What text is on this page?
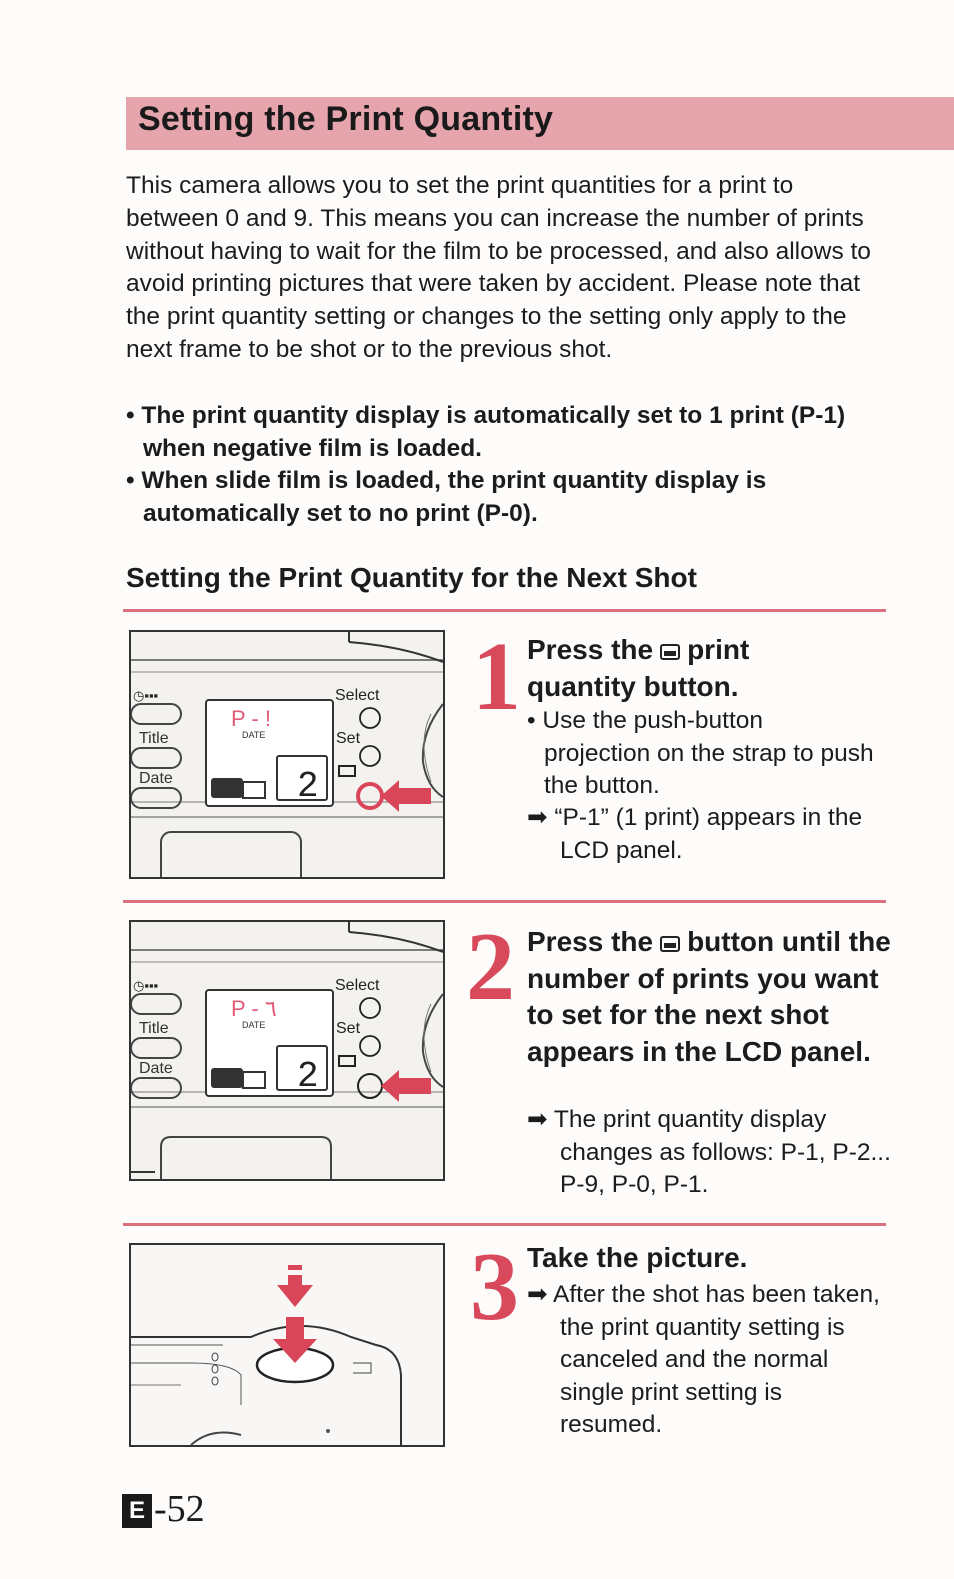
Setting the Print Quantity
This camera allows you to set the print quantities for a print to between 0 and 9. This means you can increase the number of prints without having to wait for the film to be processed, and also allows to avoid printing pictures that were taken by accident. Please note that the print quantity setting or changes to the setting only apply to the next frame to be shot or to the previous shot.
• The print quantity display is automatically set to 1 print (P-1) when negative film is loaded.
• When slide film is loaded, the print quantity display is automatically set to no print (P-0).
Setting the Print Quantity for the Next Shot
◷▪▪▪
Title
Date
P - !
DATE
2
Select
Set
1 Press the print
quantity button.
• Use the push-button projection on the strap to push the button.
➡ “P-1” (1 print) appears in the LCD panel.
◷▪▪▪
Title
Date
P - ٦
DATE
2
Select
Set
2 Press the button until the number of prints you want to set for the next shot appears in the LCD panel.
➡ The print quantity display changes as follows: P-1, P-2... P-9, P-0, P-1.
3 Take the picture.
➡ After the shot has been taken, the print quantity setting is canceled and the normal single print setting is resumed.
E -52
